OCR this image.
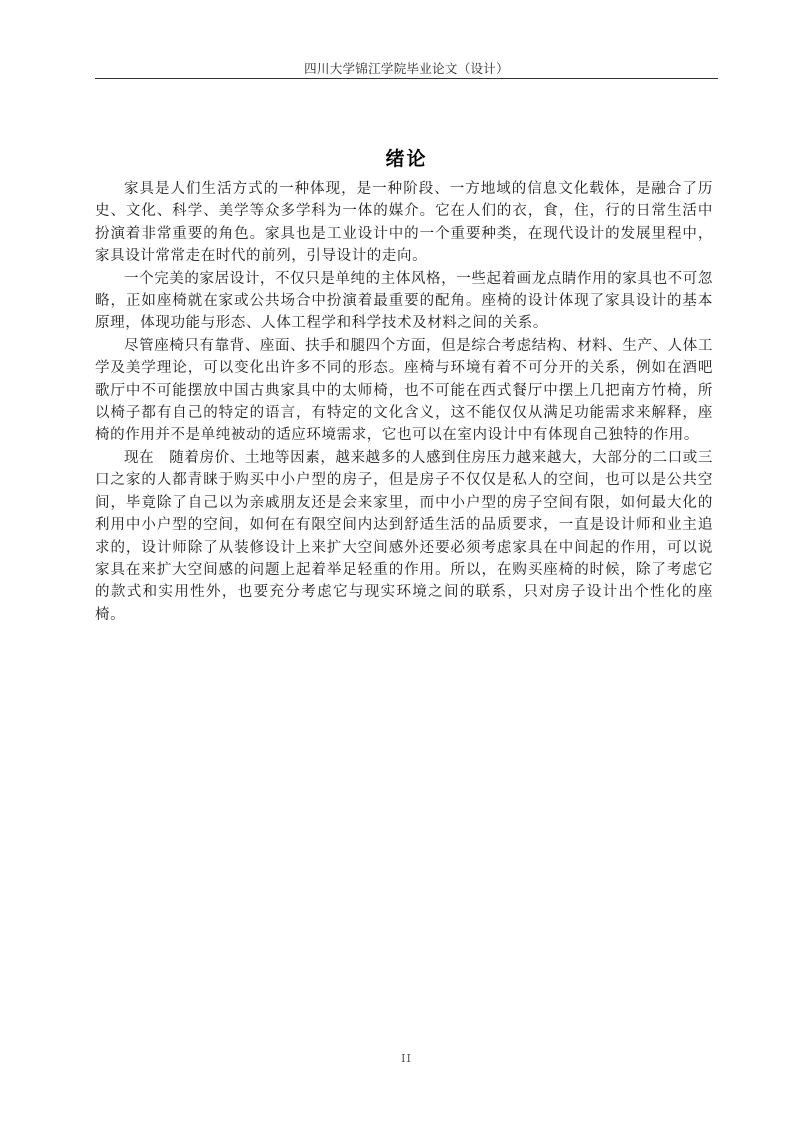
四川大学锦江学院毕业论文（设计）
绪论

家具是人们生活方式的一种体现，是一种阶段、一方地域的信息文化载体，是融合了历史、文化、科学、美学等众多学科为一体的媒介。它在人们的衣，食，住，行的日常生活中扮演着非常重要的角色。家具也是工业设计中的一个重要种类，在现代设计的发展里程中，家具设计常常走在时代的前列，引导设计的走向。

一个完美的家居设计，不仅只是单纯的主体风格，一些起着画龙点睛作用的家具也不可忽略，正如座椅就在家或公共场合中扮演着最重要的配角。座椅的设计体现了家具设计的基本原理，体现功能与形态、人体工程学和科学技术及材料之间的关系。

尽管座椅只有靠背、座面、扶手和腿四个方面，但是综合考虑结构、材料、生产、人体工学及美学理论，可以变化出许多不同的形态。座椅与环境有着不可分开的关系，例如在酒吧歌厅中不可能摆放中国古典家具中的太师椅，也不可能在西式餐厅中摆上几把南方竹椅，所以椅子都有自己的特定的语言，有特定的文化含义，这不能仅仅从满足功能需求来解释，座椅的作用并不是单纯被动的适应环境需求，它也可以在室内设计中有体现自己独特的作用。

现在　随着房价、土地等因素，越来越多的人感到住房压力越来越大，大部分的二口或三口之家的人都青睐于购买中小户型的房子，但是房子不仅仅是私人的空间，也可以是公共空间，毕竟除了自己以为亲戚朋友还是会来家里，而中小户型的房子空间有限，如何最大化的利用中小户型的空间，如何在有限空间内达到舒适生活的品质要求，一直是设计师和业主追求的，设计师除了从装修设计上来扩大空间感外还要必须考虑家具在中间起的作用，可以说家具在来扩大空间感的问题上起着举足轻重的作用。所以，在购买座椅的时候，除了考虑它的款式和实用性外，也要充分考虑它与现实环境之间的联系，只对房子设计出个性化的座椅。

II
